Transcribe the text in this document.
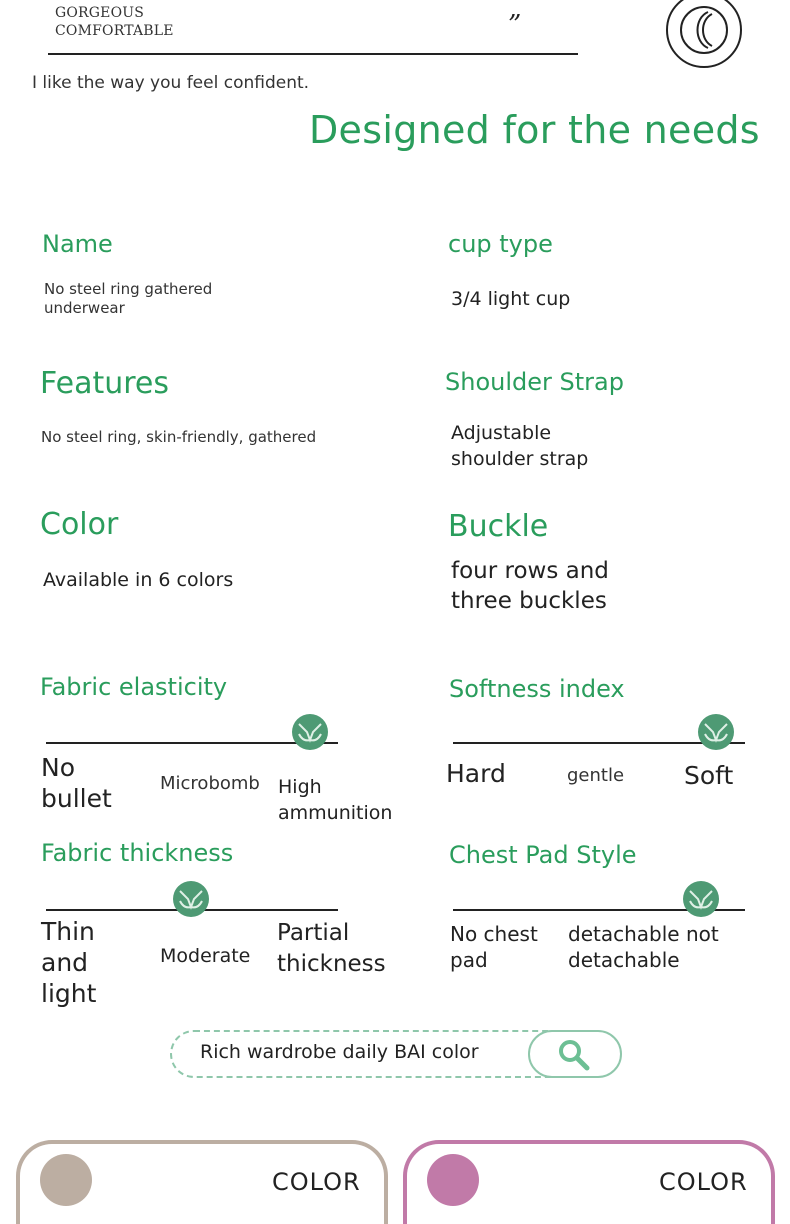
GORGEOUS
COMFORTABLE	”
I like the way you feel confident.
Designed for the needs
Name
No steel ring gathered underwear
cup type
3/4 light cup
Features
No steel ring, skin-friendly, gathered
Shoulder Strap
Adjustable shoulder strap
Color
Available in 6 colors
Buckle
four rows and three buckles
Fabric elasticity
No bullet
Microbomb High ammunition
Softness index
Hard	gentle Soft
Fabric thickness
Thin and light
Moderate
Partial thickness
Chest Pad Style
No chest pad
detachable not detachable
Rich wardrobe daily BAI color
COLOR	COLOR
